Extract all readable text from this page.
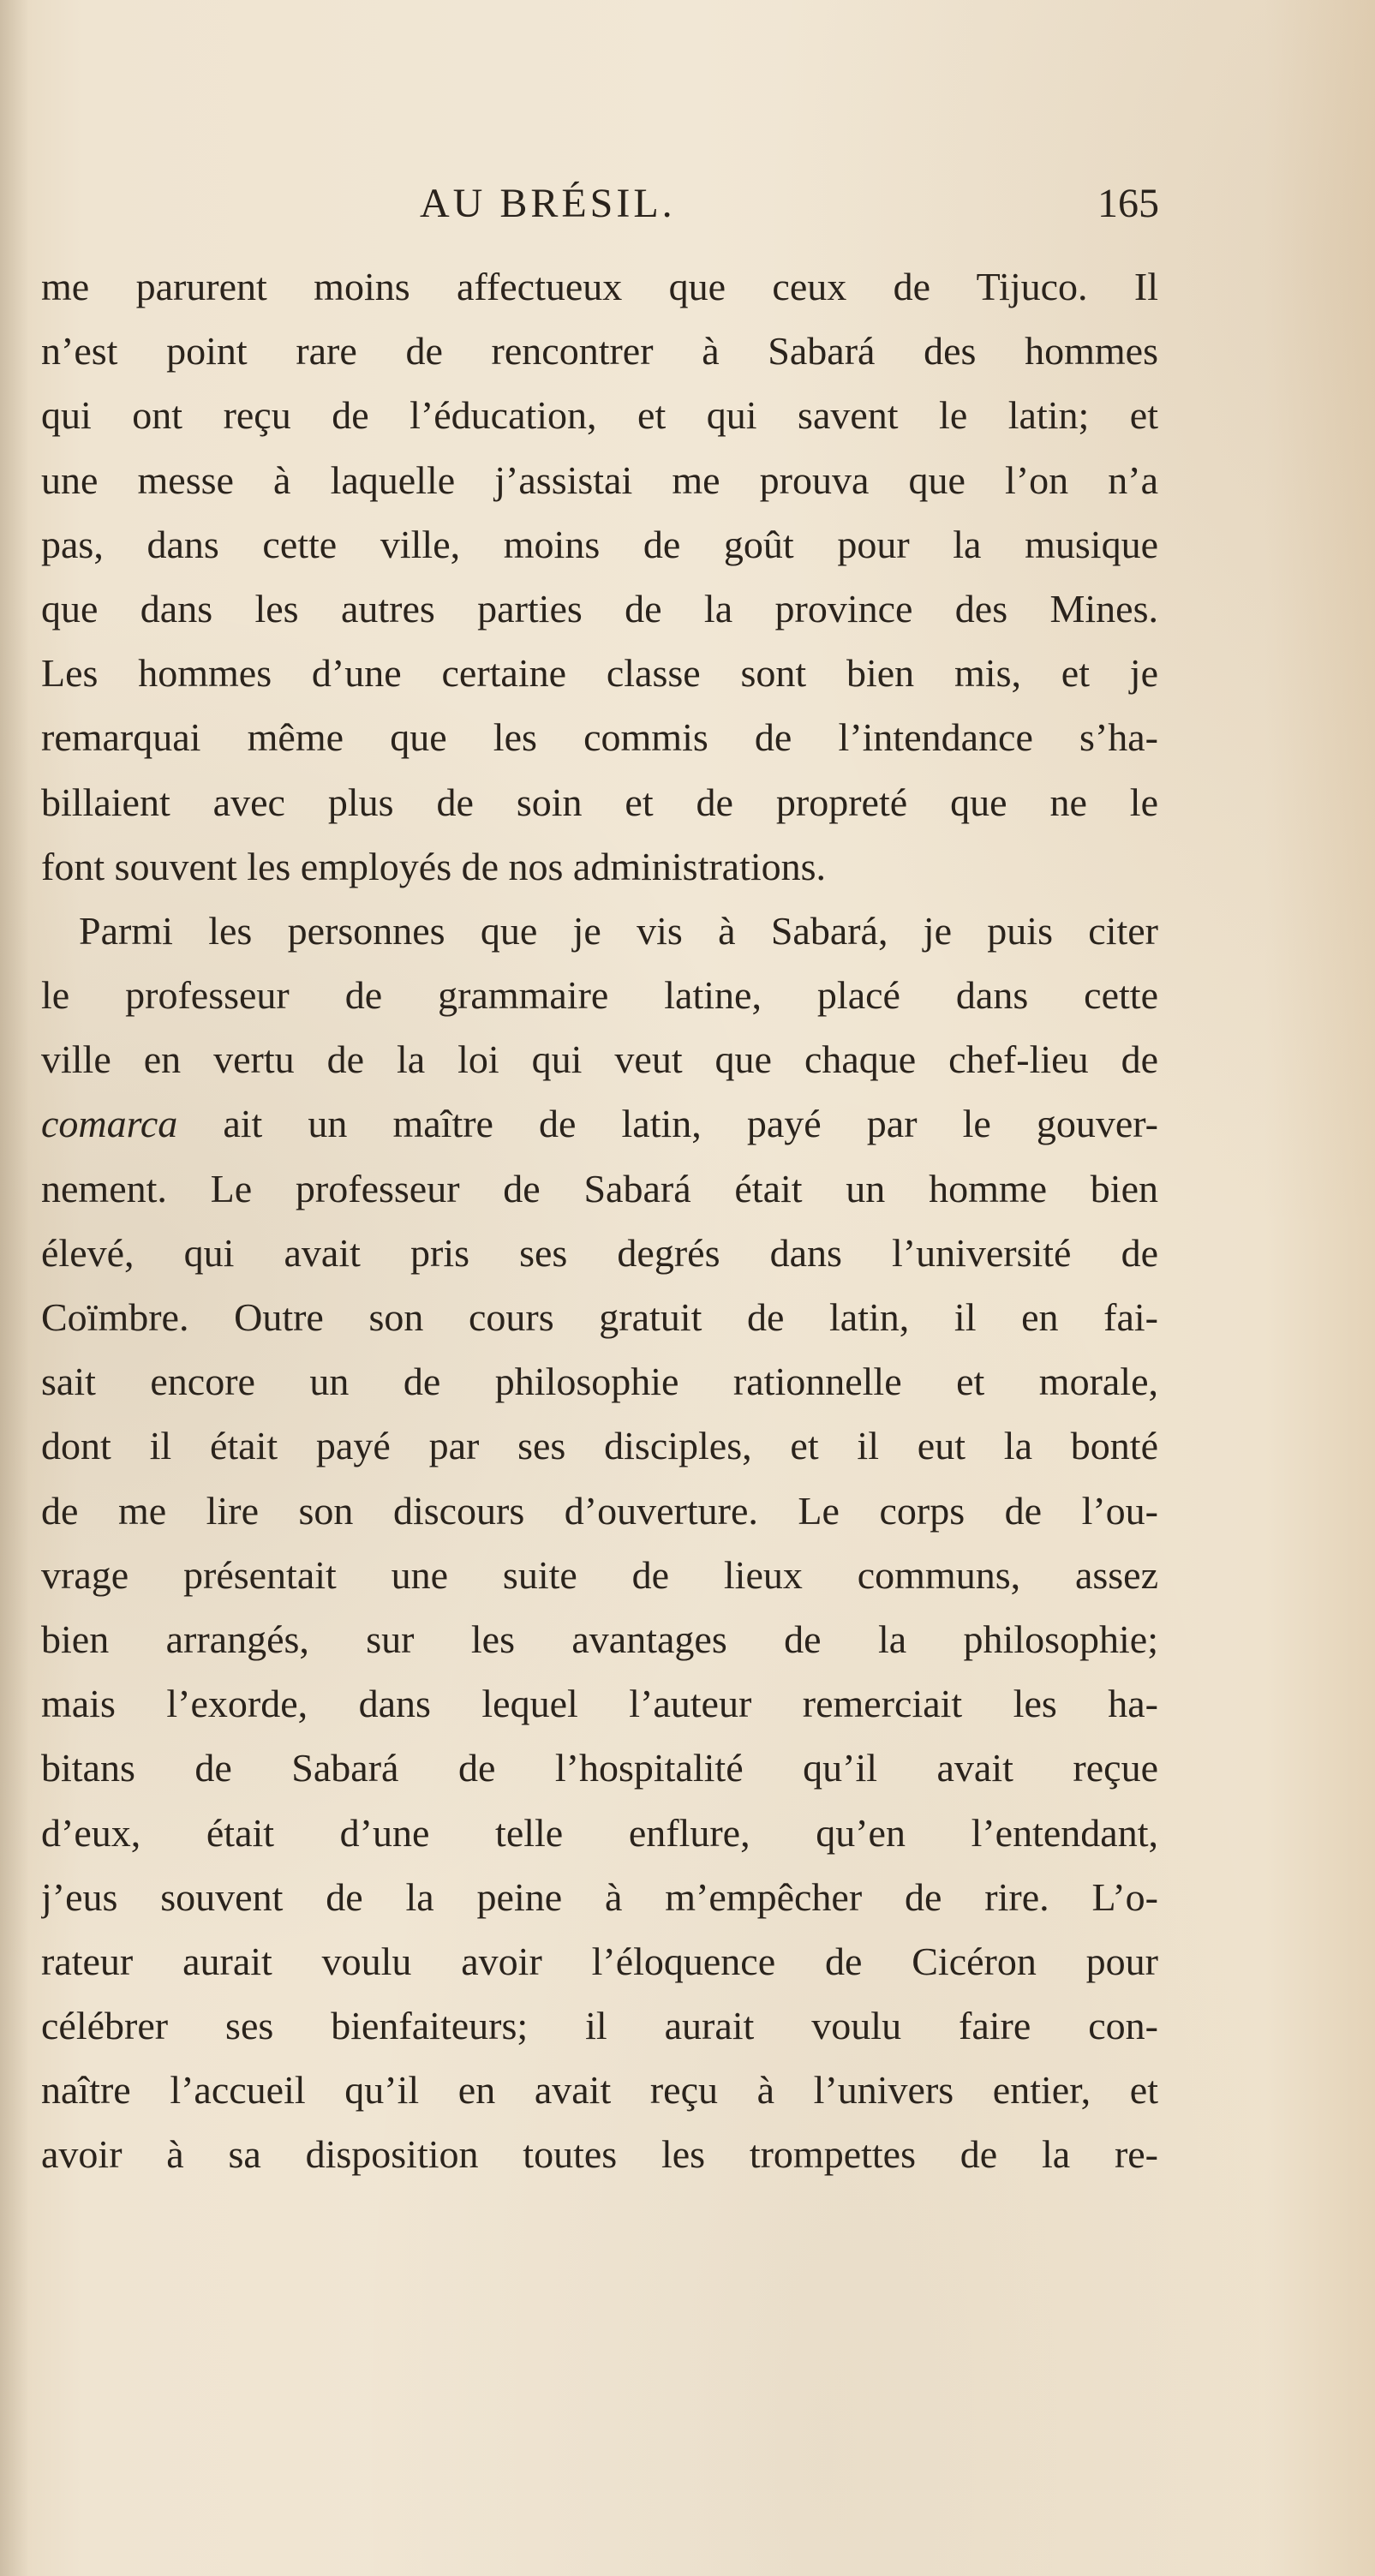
AU BRÉSIL.	165
me parurent moins affectueux que ceux de Tijuco. Il
n’est point rare de rencontrer à Sabará des hommes
qui ont reçu de l’éducation, et qui savent le latin; et
une messe à laquelle j’assistai me prouva que l’on n’a
pas, dans cette ville, moins de goût pour la musique
que dans les autres parties de la province des Mines.
Les hommes d’une certaine classe sont bien mis, et je
remarquai même que les commis de l’intendance s’ha-
billaient avec plus de soin et de propreté que ne le
font souvent les employés de nos administrations.
Parmi les personnes que je vis à Sabará, je puis citer
le professeur de grammaire latine, placé dans cette
ville en vertu de la loi qui veut que chaque chef-lieu de
comarca ait un maître de latin, payé par le gouver-
nement. Le professeur de Sabará était un homme bien
élevé, qui avait pris ses degrés dans l’université de
Coïmbre. Outre son cours gratuit de latin, il en fai-
sait encore un de philosophie rationnelle et morale,
dont il était payé par ses disciples, et il eut la bonté
de me lire son discours d’ouverture. Le corps de l’ou-
vrage présentait une suite de lieux communs, assez
bien arrangés, sur les avantages de la philosophie;
mais l’exorde, dans lequel l’auteur remerciait les ha-
bitans de Sabará de l’hospitalité qu’il avait reçue
d’eux, était d’une telle enflure, qu’en l’entendant,
j’eus souvent de la peine à m’empêcher de rire. L’o-
rateur aurait voulu avoir l’éloquence de Cicéron pour
célébrer ses bienfaiteurs; il aurait voulu faire con-
naître l’accueil qu’il en avait reçu à l’univers entier, et
avoir à sa disposition toutes les trompettes de la re-
